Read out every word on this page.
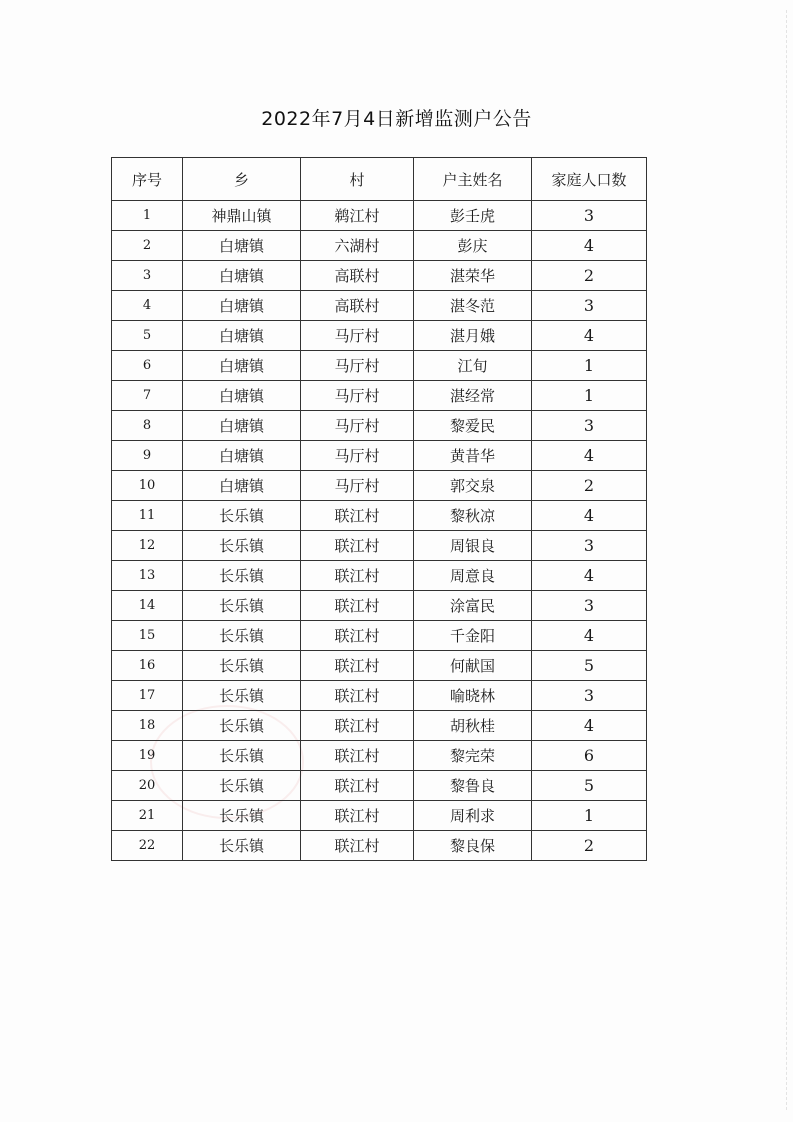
2022年7月4日新增监测户公告
序号	乡	村	户主姓名	家庭人口数
1	神鼎山镇	鹈江村	彭壬虎	3
2	白塘镇	六湖村	彭庆	4
3	白塘镇	高联村	湛荣华	2
4	白塘镇	高联村	湛冬范	3
5	白塘镇	马厅村	湛月娥	4
6	白塘镇	马厅村	江旬	1
7	白塘镇	马厅村	湛经常	1
8	白塘镇	马厅村	黎爱民	3
9	白塘镇	马厅村	黄昔华	4
10	白塘镇	马厅村	郭交泉	2
11	长乐镇	联江村	黎秋凉	4
12	长乐镇	联江村	周银良	3
13	长乐镇	联江村	周意良	4
14	长乐镇	联江村	涂富民	3
15	长乐镇	联江村	千金阳	4
16	长乐镇	联江村	何献国	5
17	长乐镇	联江村	喻晓林	3
18	长乐镇	联江村	胡秋桂	4
19	长乐镇	联江村	黎完荣	6
20	长乐镇	联江村	黎鲁良	5
21	长乐镇	联江村	周利求	1
22	长乐镇	联江村	黎良保	2
